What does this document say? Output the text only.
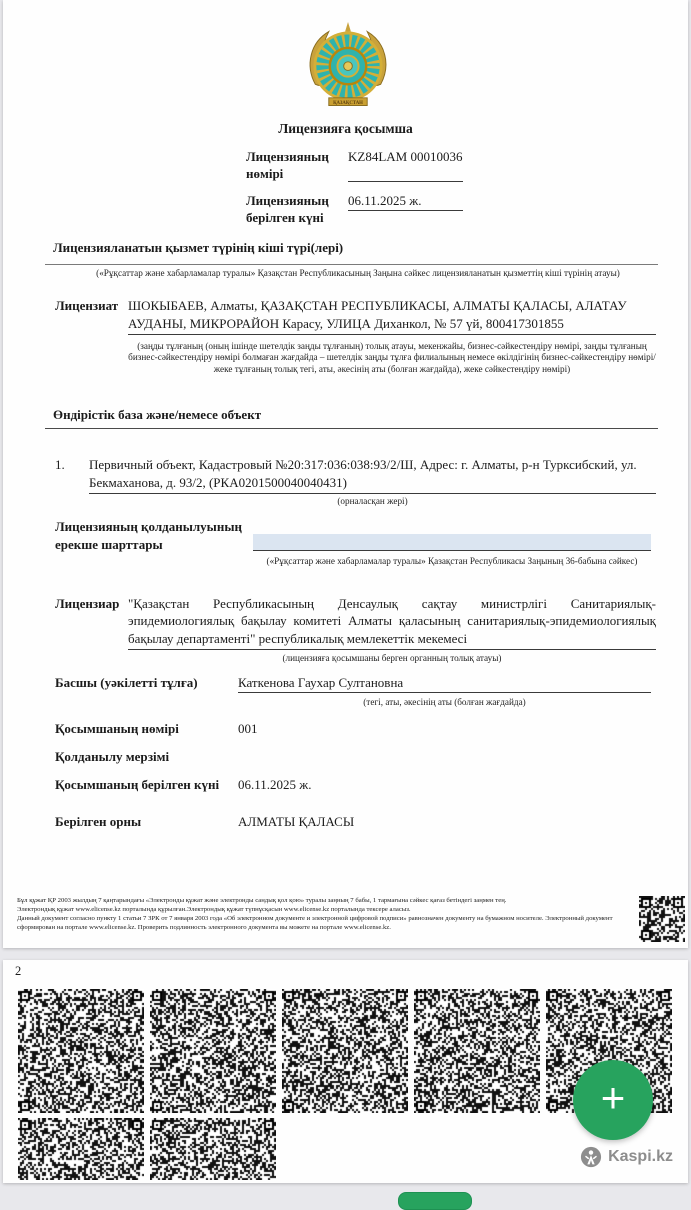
ҚАЗАҚСТАН
Лицензияға қосымша
Лицензияның нөмірі
KZ84LAM 00010036
Лицензияның берілген күні
06.11.2025 ж.
Лицензияланатын қызмет түрінің кіші түрі(лері)
(«Рұқсаттар және хабарламалар туралы» Қазақстан Республикасының Заңына сәйкес лицензияланатын қызметтің кіші түрінің атауы)
Лицензиат ШОКЫБАЕВ, Алматы, ҚАЗАҚСТАН РЕСПУБЛИКАСЫ, АЛМАТЫ ҚАЛАСЫ, АЛАТАУ АУДАНЫ, МИКРОРАЙОН Карасу, УЛИЦА Диханкол, № 57 үй, 800417301855
(заңды тұлғаның (оның ішінде шетелдік заңды тұлғаның) толық атауы, мекенжайы, бизнес-сәйкестендіру нөмірі, заңды тұлғаның бизнес-сәйкестендіру нөмірі болмаған жағдайда – шетелдік заңды тұлға филиалының немесе өкілдігінің бизнес-сәйкестендіру нөмірі/жеке тұлғаның толық тегі, аты, әкесінің аты (болған жағдайда), жеке сәйкестендіру нөмірі)
Өндірістік база және/немесе объект
1. Первичный объект, Кадастровый №20:317:036:038:93/2/Ш, Адрес: г. Алматы, р-н Турксибский, ул. Бекмаханова, д. 93/2, (РКА0201500040040431)
(орналасқан жері)
Лицензияның қолданылуының ерекше шарттары
(«Рұқсаттар және хабарламалар туралы» Қазақстан Республикасы Заңының 36-бабына сәйкес)
Лицензиар "Қазақстан Республикасының Денсаулық сақтау министрлігі Санитариялық-эпидемиологиялық бақылау комитеті Алматы қаласының санитариялық-эпидемиологиялық бақылау департаменті" республикалық мемлекеттік мекемесі
(лицензияға қосымшаны берген органның толық атауы)
Басшы (уәкілетті тұлға)	Каткенова Гаухар Султановна
(тегі, аты, әкесінің аты (болған жағдайда)
Қосымшаның нөмірі	001
Қолданылу мерзімі
Қосымшаның берілген күні 06.11.2025 ж.
Берілген орны	АЛМАТЫ ҚАЛАСЫ
Бұл құжат ҚР 2003 жылдың 7 қаңтарындағы «Электронды құжат және электронды сандық қол қою» туралы заңның 7 бабы, 1 тармағына сәйкес қағаз бетіндегі заңмен тең.
Электрондық құжат www.elicense.kz порталында құрылған.Электрондық құжат түпнұсқасын www.elicense.kz порталында тексере аласыз.
Данный документ согласно пункту 1 статьи 7 ЗРК от 7 января 2003 года «Об электронном документе и электронной цифровой подписи» равнозначен документу на бумажном носителе. Электронный документ сформирован на портале www.elicense.kz. Проверить подлинность электронного документа вы можете на портале www.elicense.kz.
2
+
Kaspi.kz
